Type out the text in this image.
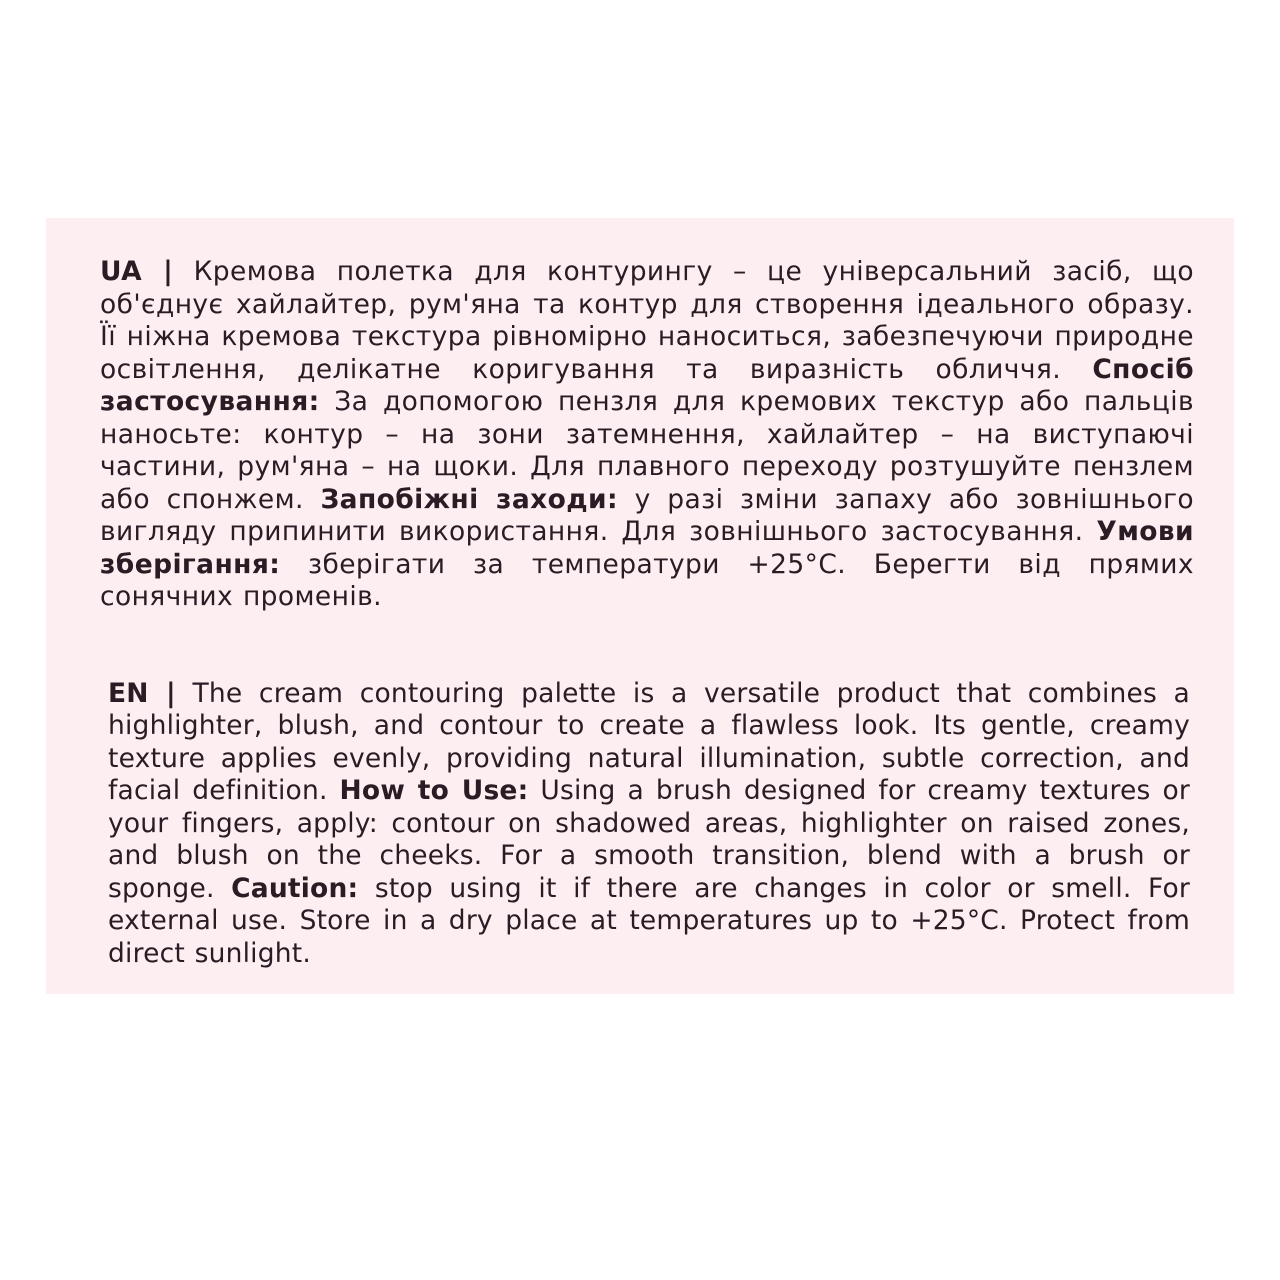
UA | Кремова полетка для контурингу – це універсальний засіб, що об'єднує хайлайтер, рум'яна та контур для створення ідеального образу. Її ніжна кремова текстура рівномірно наноситься, забезпечуючи природне освітлення, делікатне коригування та виразність обличчя. Спосіб застосування: За допомогою пензля для кремових текстур або пальців наносьте: контур – на зони затемнення, хайлайтер – на виступаючі частини, рум'яна – на щоки. Для плавного переходу розтушуйте пензлем або спонжем. Запобіжні заходи: у разі зміни запаху або зовнішнього вигляду припинити використання. Для зовнішнього застосування. Умови зберігання: зберігати за температури +25°C. Берегти від прямих сонячних променів.

EN | The cream contouring palette is a versatile product that combines a highlighter, blush, and contour to create a flawless look. Its gentle, creamy texture applies evenly, providing natural illumination, subtle correction, and facial definition. How to Use: Using a brush designed for creamy textures or your fingers, apply: contour on shadowed areas, highlighter on raised zones, and blush on the cheeks. For a smooth transition, blend with a brush or sponge. Caution: stop using it if there are changes in color or smell. For external use. Store in a dry place at temperatures up to +25°C. Protect from direct sunlight.
